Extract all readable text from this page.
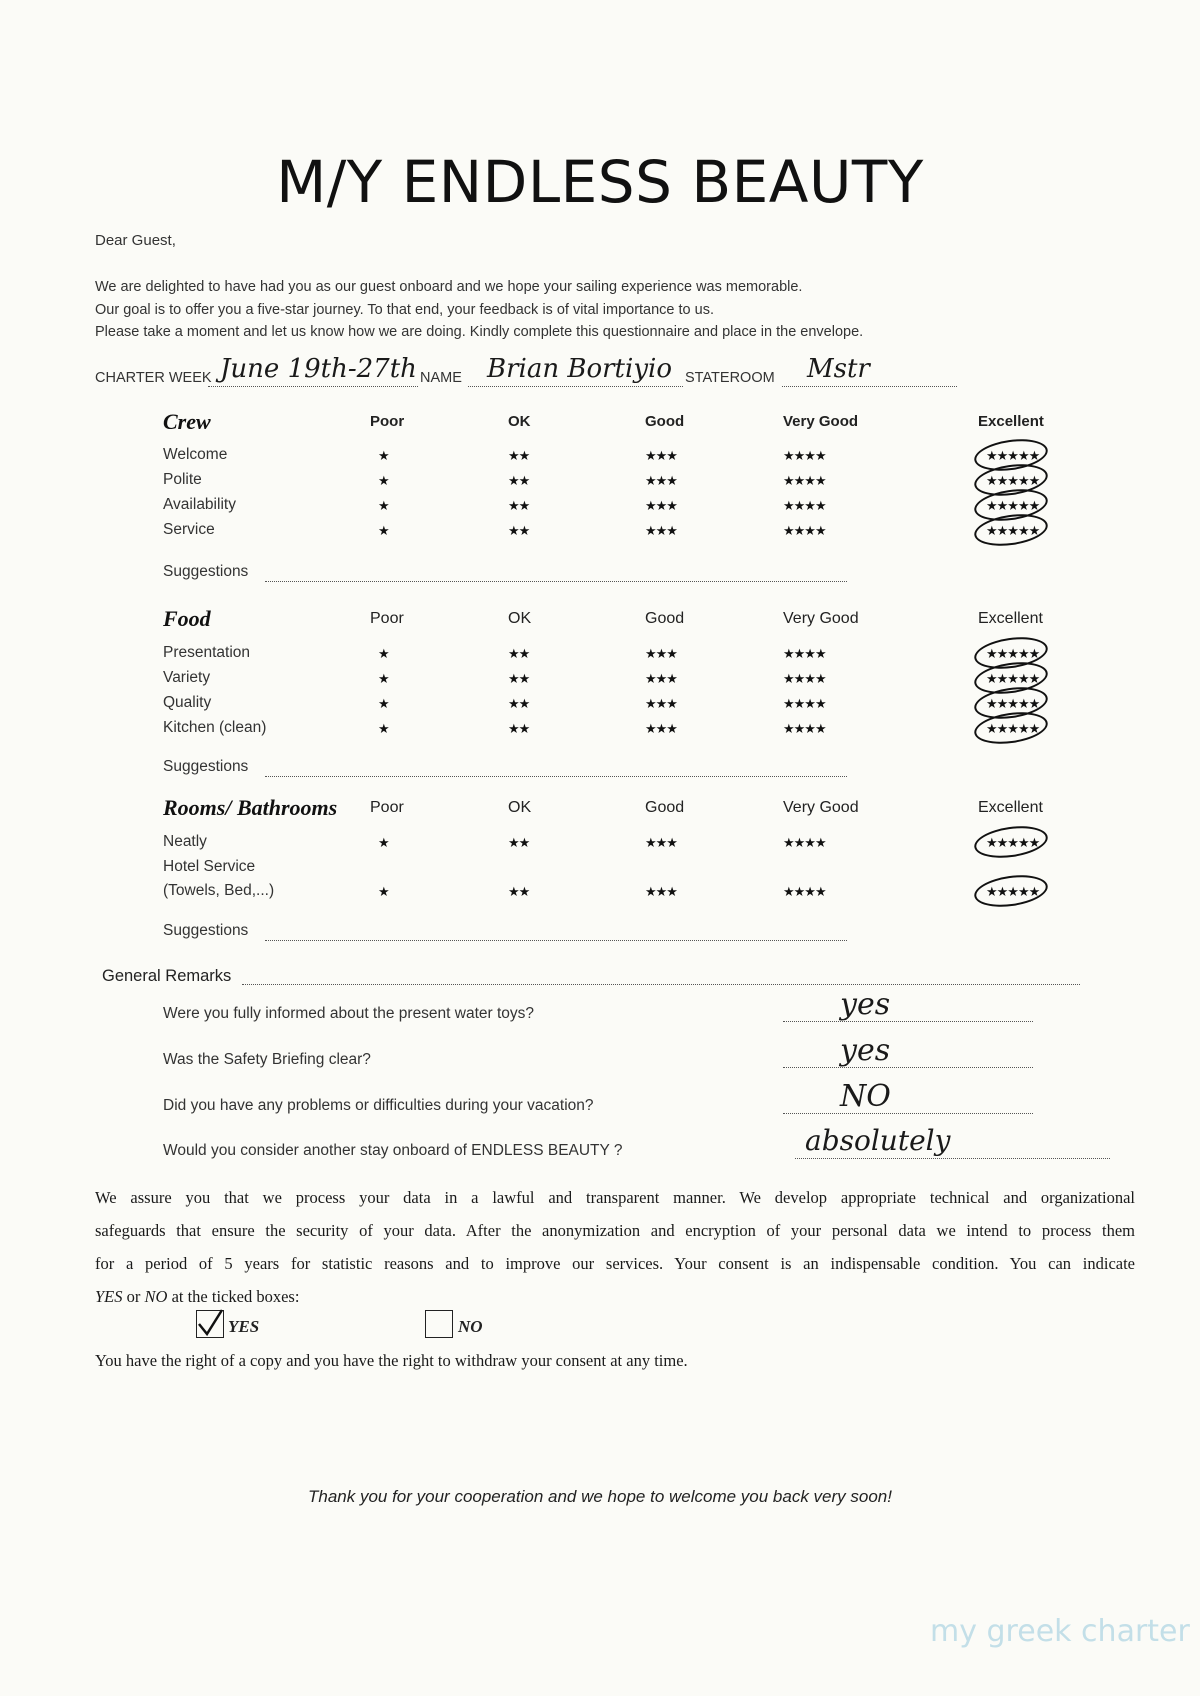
M/Y ENDLESS BEAUTY
Dear Guest,
We are delighted to have had you as our guest onboard and we hope your sailing experience was memorable.
Our goal is to offer you a five-star journey. To that end, your feedback is of vital importance to us.
Please take a moment and let us know how we are doing. Kindly complete this questionnaire and place in the envelope.
CHARTER WEEK June 19th-27th NAME Brian Bortiyio STATEROOM Mstr
Crew	Poor	OK	Good	Very Good	Excellent
Welcome	★	★★	★★★	★★★★	★★★★★
Polite	★	★★	★★★	★★★★	★★★★★
Availability	★	★★	★★★	★★★★	★★★★★
Service	★	★★	★★★	★★★★	★★★★★
Suggestions
Food	Poor	OK	Good	Very Good	Excellent
Presentation	★	★★	★★★	★★★★	★★★★★
Variety	★	★★	★★★	★★★★	★★★★★
Quality	★	★★	★★★	★★★★	★★★★★
Kitchen (clean)	★	★★	★★★	★★★★	★★★★★
Suggestions
Rooms/ Bathrooms Poor	OK	Good	Very Good	Excellent
Neatly	★	★★	★★★	★★★★	★★★★★
Hotel Service
(Towels, Bed,...)	★	★★	★★★	★★★★	★★★★★
Suggestions
General Remarks
Were you fully informed about the present water toys?	yes
Was the Safety Briefing clear?	yes
Did you have any problems or difficulties during your vacation?	NO
Would you consider another stay onboard of ENDLESS BEAUTY ?	absolutely
We assure you that we process your data in a lawful and transparent manner. We develop appropriate technical and organizational
safeguards that ensure the security of your data. After the anonymization and encryption of your personal data we intend to process them
for a period of 5 years for statistic reasons and to improve our services. Your consent is an indispensable condition. You can indicate
YES or NO at the ticked boxes:
YES	NO
You have the right of a copy and you have the right to withdraw your consent at any time.
Thank you for your cooperation and we hope to welcome you back very soon!
my greek charter
